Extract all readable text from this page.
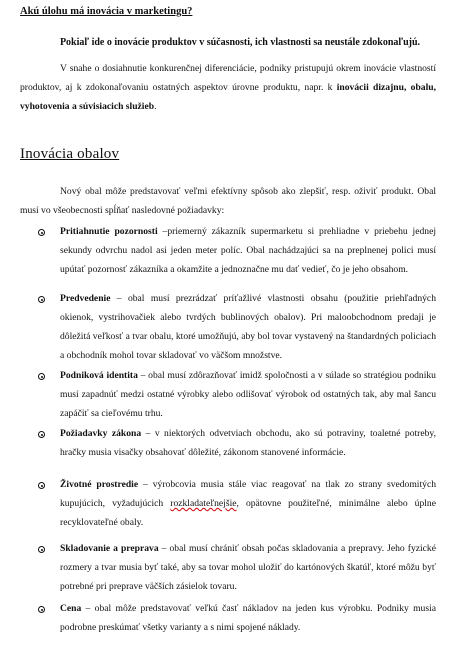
Akú úlohu má inovácia v marketingu?
Pokiaľ ide o inovácie produktov v súčasnosti, ich vlastnosti sa neustále zdokonaľujú.
V snahe o dosiahnutie konkurenčnej diferenciácie, podniky pristupujú okrem inovácie vlastností produktov, aj k zdokonaľovaniu ostatných aspektov úrovne produktu, napr. k inovácii dizajnu, obalu, vyhotovenia a súvisiacich služieb.
Inovácia obalov
Nový obal môže predstavovať veľmi efektívny spôsob ako zlepšiť, resp. oživiť produkt. Obal musí vo všeobecnosti spĺňať nasledovné požiadavky:
Pritiahnutie pozornosti –priemerný zákazník supermarketu si prehliadne v priebehu jednej sekundy odvrchu nadol asi jeden meter políc. Obal nachádzajúci sa na preplnenej polici musí upútať pozornosť zákazníka a okamžite a jednoznačne mu dať vedieť, čo je jeho obsahom.
Predvedenie – obal musí prezrádzať príťažlivé vlastnosti obsahu (použitie priehľadných okienok, vystrihovačiek alebo tvrdých bublinových obalov). Pri maloobchodnom predaji je dôležitá veľkosť a tvar obalu, ktoré umožňujú, aby bol tovar vystavený na štandardných policiach a obchodník mohol tovar skladovať vo väčšom množstve.
Podniková identita – obal musí zdôrazňovať imidž spoločnosti a v súlade so stratégiou podniku musí zapadnúť medzi ostatné výrobky alebo odlišovať výrobok od ostatných tak, aby mal šancu zapáčiť sa cieľovému trhu.
Požiadavky zákona – v niektorých odvetviach obchodu, ako sú potraviny, toaletné potreby, hračky musia visačky obsahovať dôležité, zákonom stanovené informácie.
Životné prostredie – výrobcovia musia stále viac reagovať na tlak zo strany svedomitých kupujúcich, vyžadujúcich rozkladateľnejšie, opätovne použiteľné, minimálne alebo úplne recyklovateľné obaly.
Skladovanie a preprava – obal musí chrániť obsah počas skladovania a prepravy. Jeho fyzické rozmery a tvar musia byť také, aby sa tovar mohol uložiť do kartónových škatúľ, ktoré môžu byť potrebné pri preprave väčších zásielok tovaru.
Cena – obal môže predstavovať veľkú časť nákladov na jeden kus výrobku. Podniky musia podrobne preskúmať všetky varianty a s nimi spojené náklady.
